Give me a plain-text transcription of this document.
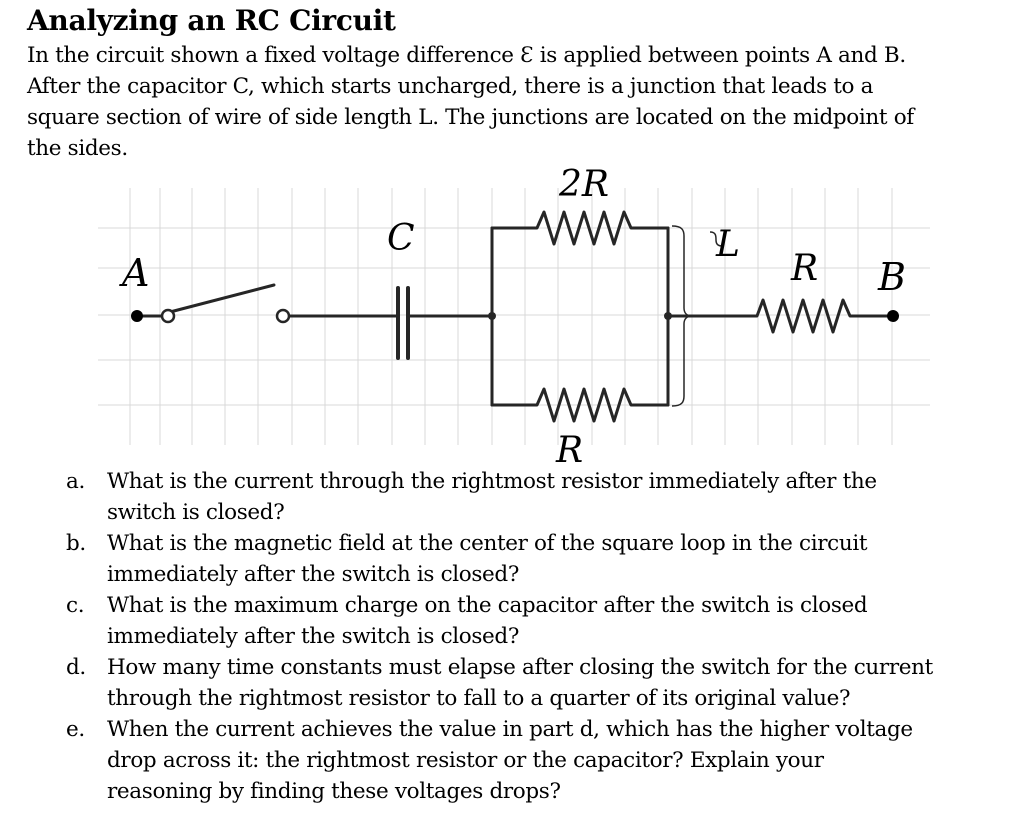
Analyzing an RC Circuit
In the circuit shown a fixed voltage difference Ɛ is applied between points A and B.
After the capacitor C, which starts uncharged, there is a junction that leads to a
square section of wire of side length L. The junctions are located on the midpoint of
the sides.
A
C
2R
L
R B
R
a. What is the current through the rightmost resistor immediately after the
switch is closed?
b. What is the magnetic field at the center of the square loop in the circuit
immediately after the switch is closed?
c. What is the maximum charge on the capacitor after the switch is closed
immediately after the switch is closed?
d. How many time constants must elapse after closing the switch for the current
through the rightmost resistor to fall to a quarter of its original value?
e. When the current achieves the value in part d, which has the higher voltage
drop across it: the rightmost resistor or the capacitor? Explain your
reasoning by finding these voltages drops?
